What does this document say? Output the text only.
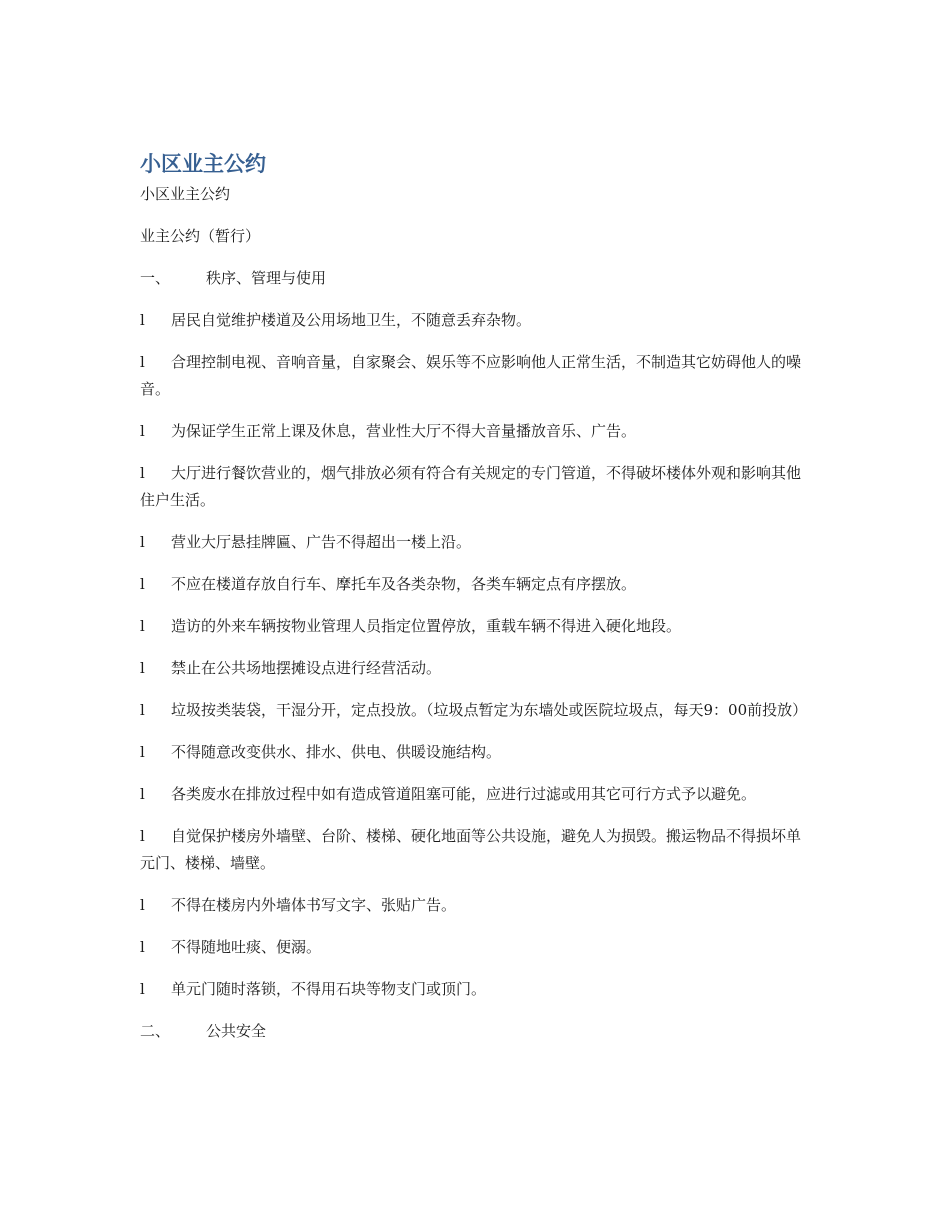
小区业主公约

小区业主公约

业主公约（暂行）

一、 秩序、管理与使用

l 居民自觉维护楼道及公用场地卫生，不随意丢弃杂物。

l 合理控制电视、音响音量，自家聚会、娱乐等不应影响他人正常生活，不制造其它妨碍他人的噪音。

l 为保证学生正常上课及休息，营业性大厅不得大音量播放音乐、广告。

l 大厅进行餐饮营业的，烟气排放必须有符合有关规定的专门管道，不得破坏楼体外观和影响其他住户生活。

l 营业大厅悬挂牌匾、广告不得超出一楼上沿。

l 不应在楼道存放自行车、摩托车及各类杂物，各类车辆定点有序摆放。

l 造访的外来车辆按物业管理人员指定位置停放，重载车辆不得进入硬化地段。

l 禁止在公共场地摆摊设点进行经营活动。

l 垃圾按类装袋，干湿分开，定点投放。（垃圾点暂定为东墙处或医院垃圾点，每天9：00前投放）

l 不得随意改变供水、排水、供电、供暖设施结构。

l 各类废水在排放过程中如有造成管道阻塞可能，应进行过滤或用其它可行方式予以避免。

l 自觉保护楼房外墙壁、台阶、楼梯、硬化地面等公共设施，避免人为损毁。搬运物品不得损坏单元门、楼梯、墙壁。

l 不得在楼房内外墙体书写文字、张贴广告。

l 不得随地吐痰、便溺。

l 单元门随时落锁，不得用石块等物支门或顶门。

二、 公共安全
